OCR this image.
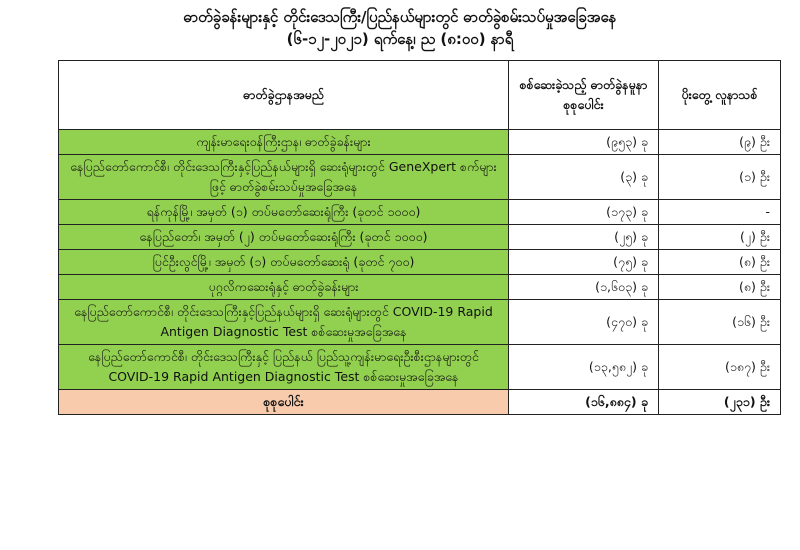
ဓာတ်ခွဲခန်းများနှင့် တိုင်းဒေသကြီး/ပြည်နယ်များတွင် ဓာတ်ခွဲစမ်းသပ်မှုအခြေအနေ
(၆-၁၂-၂၀၂၁) ရက်နေ့၊ ည (၈:၀၀) နာရီ
ဓာတ်ခွဲဌာနအမည်	စစ်ဆေးခဲ့သည့် ဓာတ်ခွဲနမူနာ စုစုပေါင်း	ပိုးတွေ့ လူနာသစ်
ကျန်းမာရေးဝန်ကြီးဌာန၊ ဓာတ်ခွဲခန်းများ	(၉၅၃) ခု	(၉) ဦး
နေပြည်တော်ကောင်စီ၊ တိုင်းဒေသကြီးနှင့်ပြည်နယ်များရှိ ဆေးရုံများတွင် GeneXpert စက်များဖြင့် ဓာတ်ခွဲစမ်းသပ်မှုအခြေအနေ	(၃) ခု	(၁) ဦး
ရန်ကုန်မြို့၊ အမှတ် (၁) တပ်မတော်ဆေးရုံကြီး (ခုတင် ၁၀၀၀)	(၁၇၃) ခု	-
နေပြည်တော်၊ အမှတ် (၂) တပ်မတော်ဆေးရုံကြီး (ခုတင် ၁၀၀၀)	(၂၅) ခု	(၂) ဦး
ပြင်ဦးလွင်မြို့၊ အမှတ် (၁) တပ်မတော်ဆေးရုံ (ခုတင် ၇၀၀)	(၇၅) ခု	(၈) ဦး
ပုဂ္ဂလိကဆေးရုံနှင့် ဓာတ်ခွဲခန်းများ	(၁,၆၀၃) ခု	(၈) ဦး
နေပြည်တော်ကောင်စီ၊ တိုင်းဒေသကြီးနှင့်ပြည်နယ်များရှိ ဆေးရုံများတွင် COVID-19 Rapid Antigen Diagnostic Test စစ်ဆေးမှုအခြေအနေ	(၄၇၀) ခု	(၁၆) ဦး
နေပြည်တော်ကောင်စီ၊ တိုင်းဒေသကြီးနှင့် ပြည်နယ် ပြည်သူ့ကျန်းမာရေးဦးစီးဌာနများတွင် COVID-19 Rapid Antigen Diagnostic Test စစ်ဆေးမှုအခြေအနေ	(၁၃,၅၈၂) ခု	(၁၈၇) ဦး
စုစုပေါင်း	(၁၆,၈၈၄) ခု	(၂၃၁) ဦး
